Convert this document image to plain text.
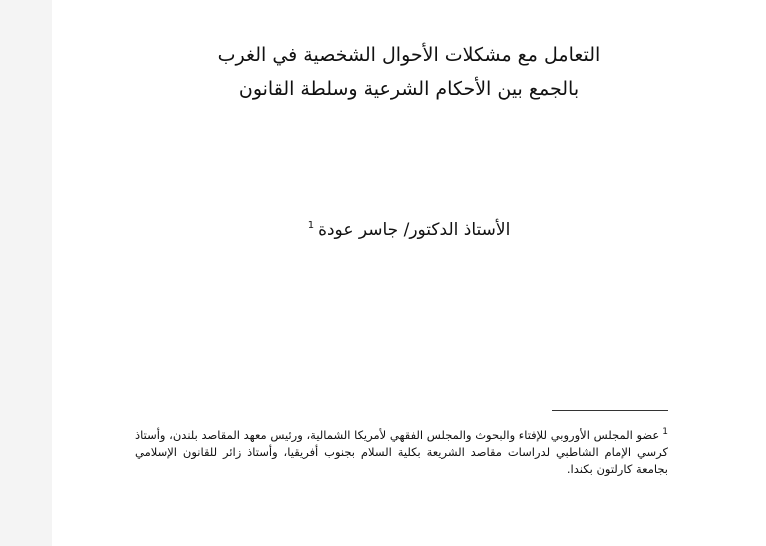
التعامل مع مشكلات الأحوال الشخصية في الغرب

بالجمع بين الأحكام الشرعية وسلطة القانون

الأستاذ الدكتور/ جاسر عودة$^1$
$^1$عضو المجلس الأوروبي للإفتاء والبحوث والمجلس الفقهي لأمريكا الشمالية، ورئيس معهد المقاصد بلندن، وأستاذ كرسي الإمام الشاطبي لدراسات مقاصد الشريعة بكلية السلام بجنوب أفريقيا، وأستاذ زائر للقانون الإسلامي بجامعة كارلتون بكندا.
